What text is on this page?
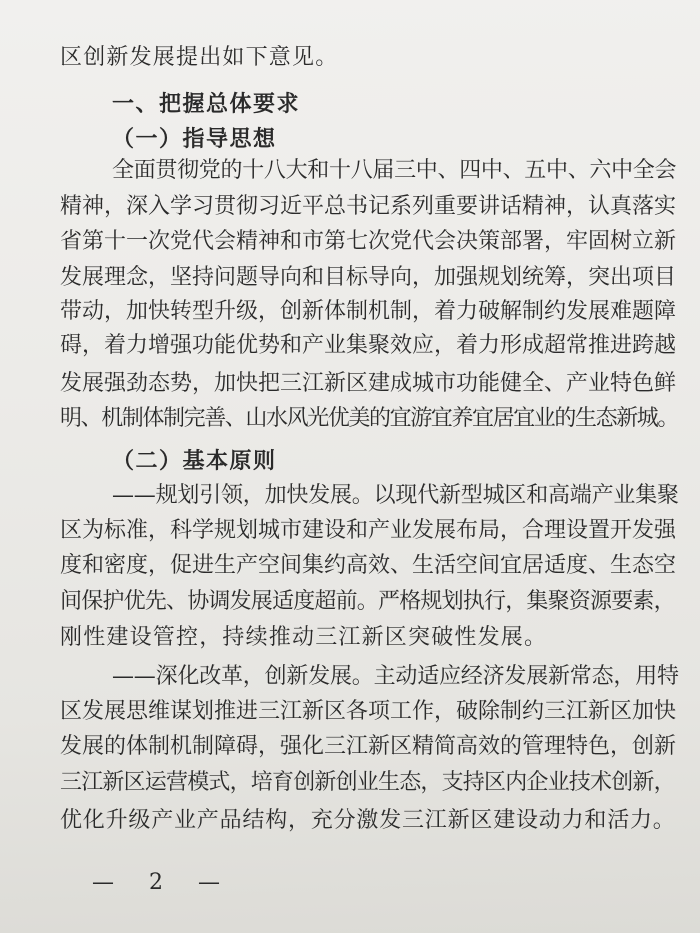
区创新发展提出如下意见。
一、把握总体要求
（一）指导思想
全面贯彻党的十八大和十八届三中、四中、五中、六中全会
精神，深入学习贯彻习近平总书记系列重要讲话精神，认真落实
省第十一次党代会精神和市第七次党代会决策部署，牢固树立新
发展理念，坚持问题导向和目标导向，加强规划统筹，突出项目
带动，加快转型升级，创新体制机制，着力破解制约发展难题障
碍，着力增强功能优势和产业集聚效应，着力形成超常推进跨越
发展强劲态势，加快把三江新区建成城市功能健全、产业特色鲜
明、机制体制完善、山水风光优美的宜游宜养宜居宜业的生态新城。
（二）基本原则
——规划引领，加快发展。以现代新型城区和高端产业集聚
区为标准，科学规划城市建设和产业发展布局，合理设置开发强
度和密度，促进生产空间集约高效、生活空间宜居适度、生态空
间保护优先、协调发展适度超前。严格规划执行，集聚资源要素，
刚性建设管控，持续推动三江新区突破性发展。
——深化改革，创新发展。主动适应经济发展新常态，用特
区发展思维谋划推进三江新区各项工作，破除制约三江新区加快
发展的体制机制障碍，强化三江新区精简高效的管理特色，创新
三江新区运营模式，培育创新创业生态，支持区内企业技术创新，
优化升级产业产品结构，充分激发三江新区建设动力和活力。
— 2 —
